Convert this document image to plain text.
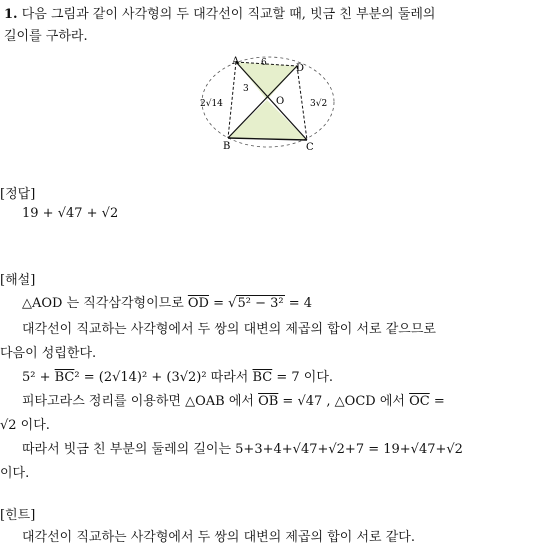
1. 다음 그림과 같이 사각형의 두 대각선이 직교할 때, 빗금 친 부분의 둘레의
길이를 구하라.
A
D
B	C
O
6
3
2√14	3√2
[정답]
19 + √47 + √2
[해설]
△AOD 는 직각삼각형이므로 $\overline{OD} = √5^2 - 3^2 = 4$
대각선이 직교하는 사각형에서 두 쌍의 대변의 제곱의 합이 서로 같으므로
다음이 성립한다.
$5^2 + \overline{BC}^2 = (2√14)^2 + (3√2)^2$ 따라서 $\overline{BC} = 7$ 이다.
피타고라스 정리를 이용하면 △OAB 에서 $\overline{OB} = √47$ , △OCD 에서 $\overline{OC}$ =
√2 이다.
따라서 빗금 친 부분의 둘레의 길이는 5+3+4+√47+√2+7 = 19+√47+√2
이다.
[힌트]
대각선이 직교하는 사각형에서 두 쌍의 대변의 제곱의 합이 서로 같다.
